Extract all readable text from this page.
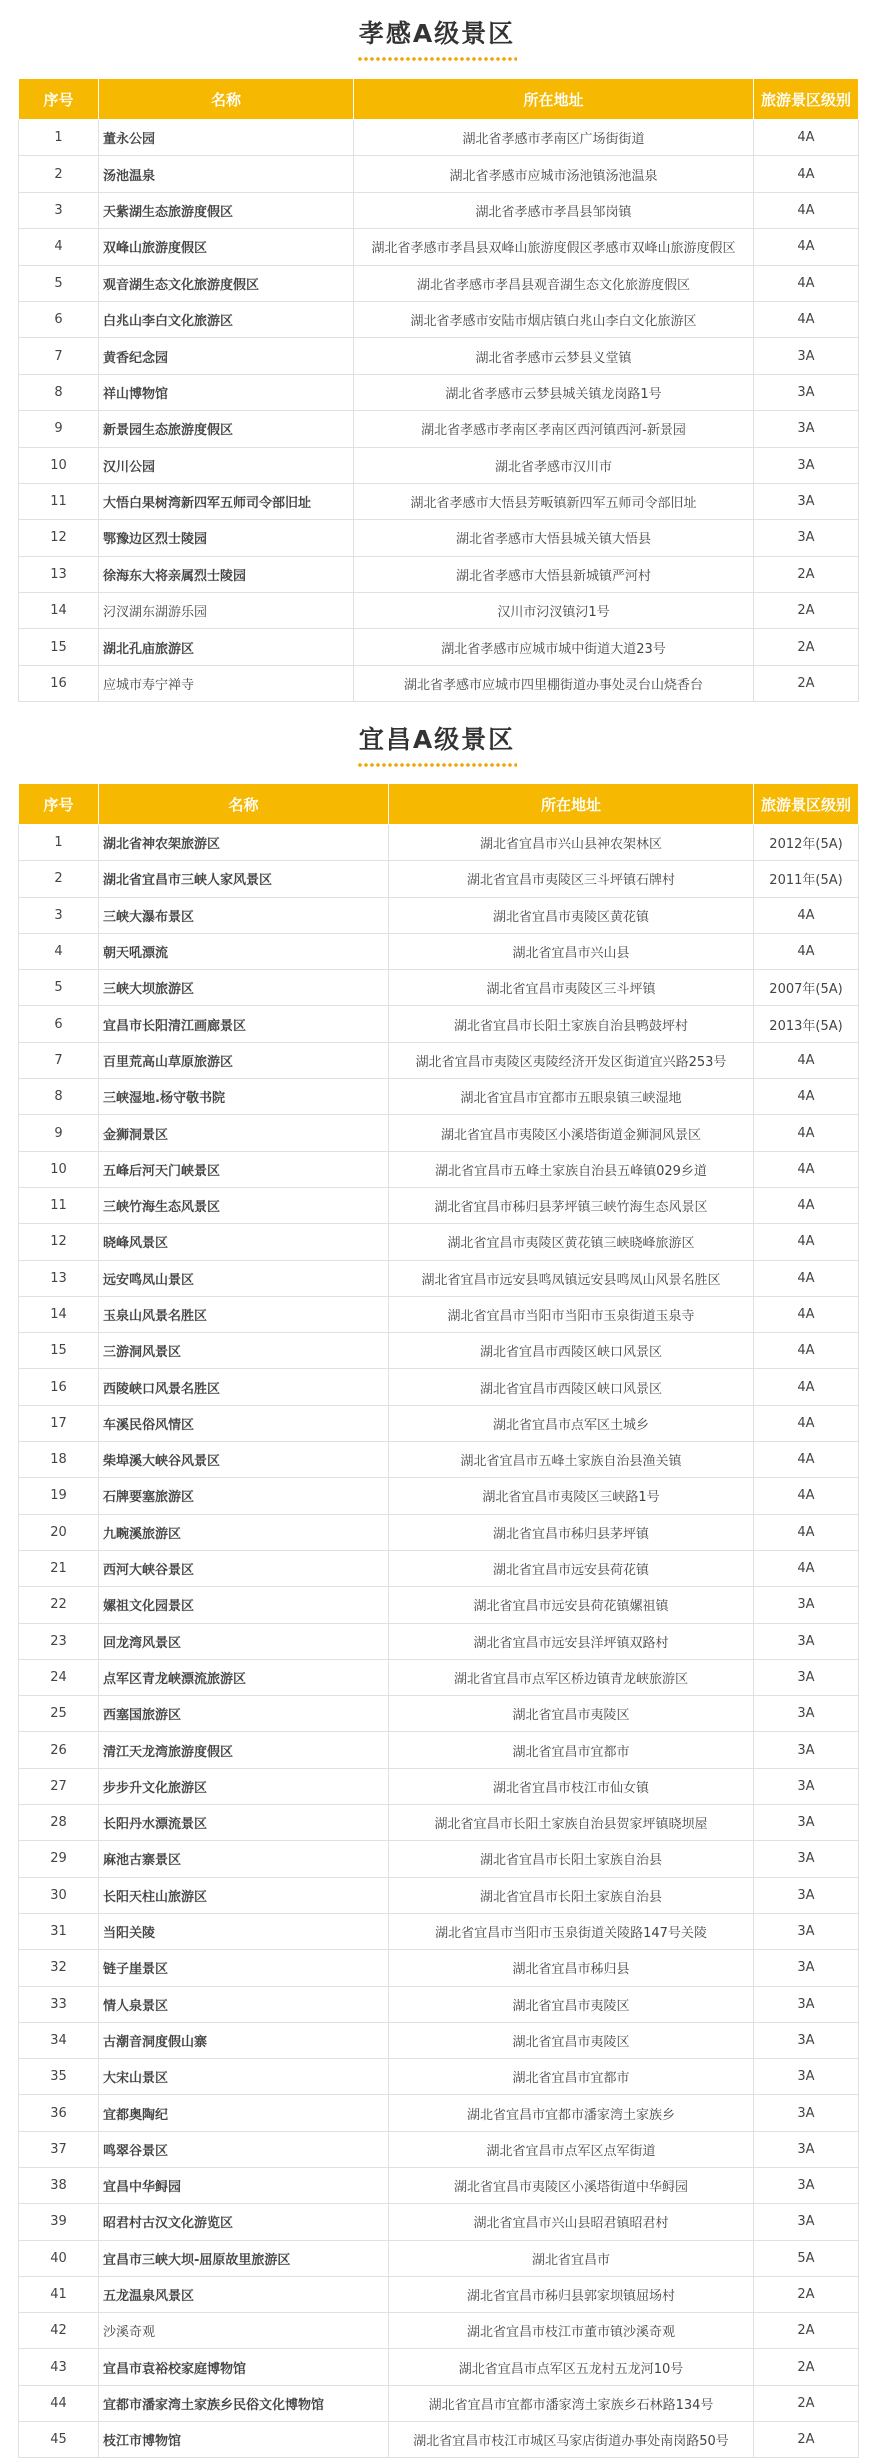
孝感A级景区
序号	名称	所在地址	旅游景区级别
1	董永公园	湖北省孝感市孝南区广场街街道	4A
2	汤池温泉	湖北省孝感市应城市汤池镇汤池温泉	4A
3	天紫湖生态旅游度假区	湖北省孝感市孝昌县邹岗镇	4A
4	双峰山旅游度假区	湖北省孝感市孝昌县双峰山旅游度假区孝感市双峰山旅游度假区	4A
5	观音湖生态文化旅游度假区	湖北省孝感市孝昌县观音湖生态文化旅游度假区	4A
6	白兆山李白文化旅游区	湖北省孝感市安陆市烟店镇白兆山李白文化旅游区	4A
7	黄香纪念园	湖北省孝感市云梦县义堂镇	3A
8	祥山博物馆	湖北省孝感市云梦县城关镇龙岗路1号	3A
9	新景园生态旅游度假区	湖北省孝感市孝南区孝南区西河镇西河-新景园	3A
10	汉川公园	湖北省孝感市汉川市	3A
11	大悟白果树湾新四军五师司令部旧址	湖北省孝感市大悟县芳畈镇新四军五师司令部旧址	3A
12	鄂豫边区烈士陵园	湖北省孝感市大悟县城关镇大悟县	3A
13	徐海东大将亲属烈士陵园	湖北省孝感市大悟县新城镇严河村	2A
14	汈汊湖东湖游乐园	汉川市汈汊镇汈1号	2A
15	湖北孔庙旅游区	湖北省孝感市应城市城中街道大道23号	2A
16	应城市寿宁禅寺	湖北省孝感市应城市四里棚街道办事处灵台山烧香台	2A
宜昌A级景区
序号	名称	所在地址	旅游景区级别
1	湖北省神农架旅游区	湖北省宜昌市兴山县神农架林区	2012年(5A)
2	湖北省宜昌市三峡人家风景区	湖北省宜昌市夷陵区三斗坪镇石牌村	2011年(5A)
3	三峡大瀑布景区	湖北省宜昌市夷陵区黄花镇	4A
4	朝天吼漂流	湖北省宜昌市兴山县	4A
5	三峡大坝旅游区	湖北省宜昌市夷陵区三斗坪镇	2007年(5A)
6	宜昌市长阳清江画廊景区	湖北省宜昌市长阳土家族自治县鸭鼓坪村	2013年(5A)
7	百里荒高山草原旅游区	湖北省宜昌市夷陵区夷陵经济开发区街道宜兴路253号	4A
8	三峡湿地.杨守敬书院	湖北省宜昌市宜都市五眼泉镇三峡湿地	4A
9	金狮洞景区	湖北省宜昌市夷陵区小溪塔街道金狮洞风景区	4A
10	五峰后河天门峡景区	湖北省宜昌市五峰土家族自治县五峰镇029乡道	4A
11	三峡竹海生态风景区	湖北省宜昌市秭归县茅坪镇三峡竹海生态风景区	4A
12	晓峰风景区	湖北省宜昌市夷陵区黄花镇三峡晓峰旅游区	4A
13	远安鸣凤山景区	湖北省宜昌市远安县鸣凤镇远安县鸣凤山风景名胜区	4A
14	玉泉山风景名胜区	湖北省宜昌市当阳市当阳市玉泉街道玉泉寺	4A
15	三游洞风景区	湖北省宜昌市西陵区峡口风景区	4A
16	西陵峡口风景名胜区	湖北省宜昌市西陵区峡口风景区	4A
17	车溪民俗风情区	湖北省宜昌市点军区土城乡	4A
18	柴埠溪大峡谷风景区	湖北省宜昌市五峰土家族自治县渔关镇	4A
19	石牌要塞旅游区	湖北省宜昌市夷陵区三峡路1号	4A
20	九畹溪旅游区	湖北省宜昌市秭归县茅坪镇	4A
21	西河大峡谷景区	湖北省宜昌市远安县荷花镇	4A
22	嫘祖文化园景区	湖北省宜昌市远安县荷花镇嫘祖镇	3A
23	回龙湾风景区	湖北省宜昌市远安县洋坪镇双路村	3A
24	点军区青龙峡漂流旅游区	湖北省宜昌市点军区桥边镇青龙峡旅游区	3A
25	西塞国旅游区	湖北省宜昌市夷陵区	3A
26	清江天龙湾旅游度假区	湖北省宜昌市宜都市	3A
27	步步升文化旅游区	湖北省宜昌市枝江市仙女镇	3A
28	长阳丹水漂流景区	湖北省宜昌市长阳土家族自治县贺家坪镇晓坝屋	3A
29	麻池古寨景区	湖北省宜昌市长阳土家族自治县	3A
30	长阳天柱山旅游区	湖北省宜昌市长阳土家族自治县	3A
31	当阳关陵	湖北省宜昌市当阳市玉泉街道关陵路147号关陵	3A
32	链子崖景区	湖北省宜昌市秭归县	3A
33	情人泉景区	湖北省宜昌市夷陵区	3A
34	古潮音洞度假山寨	湖北省宜昌市夷陵区	3A
35	大宋山景区	湖北省宜昌市宜都市	3A
36	宜都奥陶纪	湖北省宜昌市宜都市潘家湾土家族乡	3A
37	鸣翠谷景区	湖北省宜昌市点军区点军街道	3A
38	宜昌中华鲟园	湖北省宜昌市夷陵区小溪塔街道中华鲟园	3A
39	昭君村古汉文化游览区	湖北省宜昌市兴山县昭君镇昭君村	3A
40	宜昌市三峡大坝-屈原故里旅游区	湖北省宜昌市	5A
41	五龙温泉风景区	湖北省宜昌市秭归县郭家坝镇屈场村	2A
42	沙溪奇观	湖北省宜昌市枝江市董市镇沙溪奇观	2A
43	宜昌市袁裕校家庭博物馆	湖北省宜昌市点军区五龙村五龙河10号	2A
44	宜都市潘家湾土家族乡民俗文化博物馆	湖北省宜昌市宜都市潘家湾土家族乡石林路134号	2A
45	枝江市博物馆	湖北省宜昌市枝江市城区马家店街道办事处南岗路50号	2A
